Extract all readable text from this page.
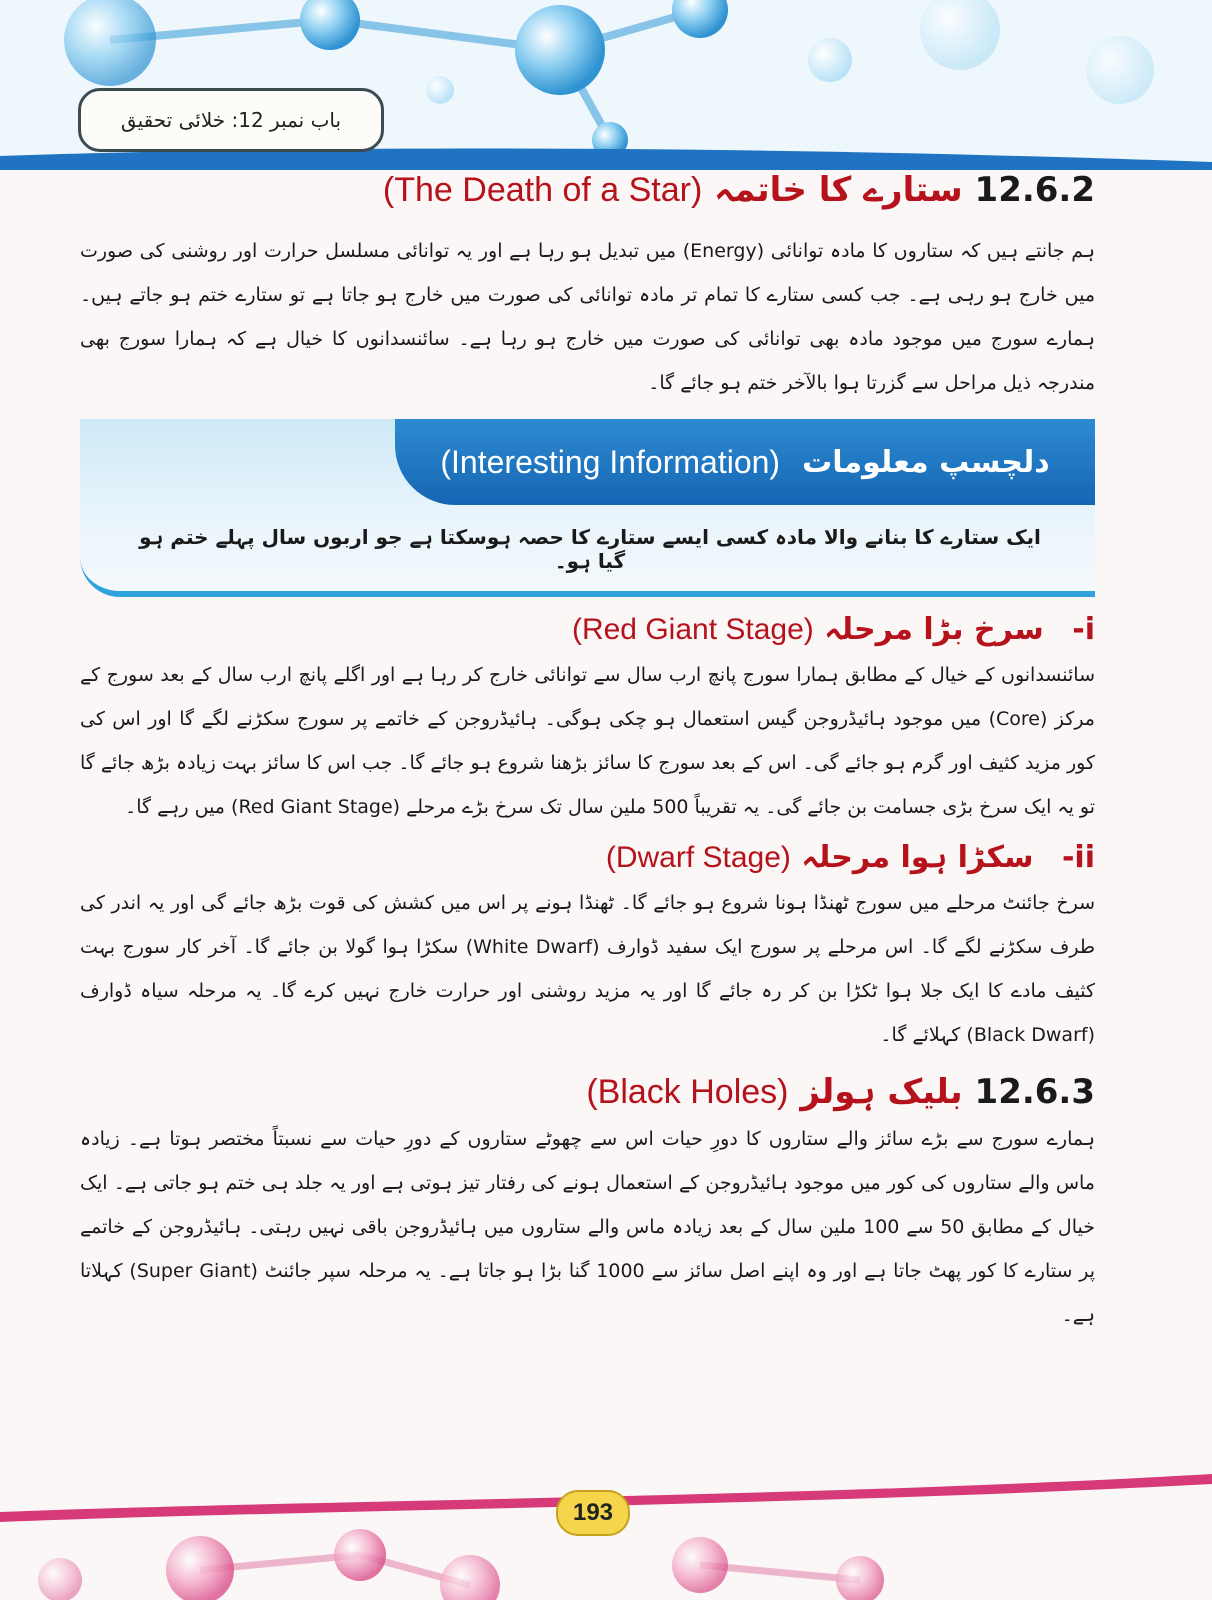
باب نمبر 12: خلائی تحقیق
12.6.2 ستارے کا خاتمہ (The Death of a Star)

ہم جانتے ہیں کہ ستاروں کا مادہ توانائی (Energy) میں تبدیل ہو رہا ہے اور یہ توانائی مسلسل حرارت اور روشنی کی صورت میں خارج ہو رہی ہے۔ جب کسی ستارے کا تمام تر مادہ توانائی کی صورت میں خارج ہو جاتا ہے تو ستارے ختم ہو جاتے ہیں۔ ہمارے سورج میں موجود مادہ بھی توانائی کی صورت میں خارج ہو رہا ہے۔ سائنسدانوں کا خیال ہے کہ ہمارا سورج بھی مندرجہ ذیل مراحل سے گزرتا ہوا بالآخر ختم ہو جائے گا۔

دلچسپ معلومات
(Interesting Information)
ایک ستارے کا بنانے والا مادہ کسی ایسے ستارے کا حصہ ہوسکتا ہے جو اربوں سال پہلے ختم ہو گیا ہو۔
i- سرخ بڑا مرحلہ (Red Giant Stage)

سائنسدانوں کے خیال کے مطابق ہمارا سورج پانچ ارب سال سے توانائی خارج کر رہا ہے اور اگلے پانچ ارب سال کے بعد سورج کے مرکز (Core) میں موجود ہائیڈروجن گیس استعمال ہو چکی ہوگی۔ ہائیڈروجن کے خاتمے پر سورج سکڑنے لگے گا اور اس کی کور مزید کثیف اور گرم ہو جائے گی۔ اس کے بعد سورج کا سائز بڑھنا شروع ہو جائے گا۔ جب اس کا سائز بہت زیادہ بڑھ جائے گا تو یہ ایک سرخ بڑی جسامت بن جائے گی۔ یہ تقریباً 500 ملین سال تک سرخ بڑے مرحلے (Red Giant Stage) میں رہے گا۔

ii- سکڑا ہوا مرحلہ (Dwarf Stage)

سرخ جائنٹ مرحلے میں سورج ٹھنڈا ہونا شروع ہو جائے گا۔ ٹھنڈا ہونے پر اس میں کشش کی قوت بڑھ جائے گی اور یہ اندر کی طرف سکڑنے لگے گا۔ اس مرحلے پر سورج ایک سفید ڈوارف (White Dwarf) سکڑا ہوا گولا بن جائے گا۔ آخر کار سورج بہت کثیف مادے کا ایک جلا ہوا ٹکڑا بن کر رہ جائے گا اور یہ مزید روشنی اور حرارت خارج نہیں کرے گا۔ یہ مرحلہ سیاہ ڈوارف (Black Dwarf) کہلائے گا۔

12.6.3 بلیک ہولز (Black Holes)

ہمارے سورج سے بڑے سائز والے ستاروں کا دورِ حیات اس سے چھوٹے ستاروں کے دورِ حیات سے نسبتاً مختصر ہوتا ہے۔ زیادہ ماس والے ستاروں کی کور میں موجود ہائیڈروجن کے استعمال ہونے کی رفتار تیز ہوتی ہے اور یہ جلد ہی ختم ہو جاتی ہے۔ ایک خیال کے مطابق 50 سے 100 ملین سال کے بعد زیادہ ماس والے ستاروں میں ہائیڈروجن باقی نہیں رہتی۔ ہائیڈروجن کے خاتمے پر ستارے کا کور پھٹ جاتا ہے اور وہ اپنے اصل سائز سے 1000 گنا بڑا ہو جاتا ہے۔ یہ مرحلہ سپر جائنٹ (Super Giant) کہلاتا ہے۔

193
